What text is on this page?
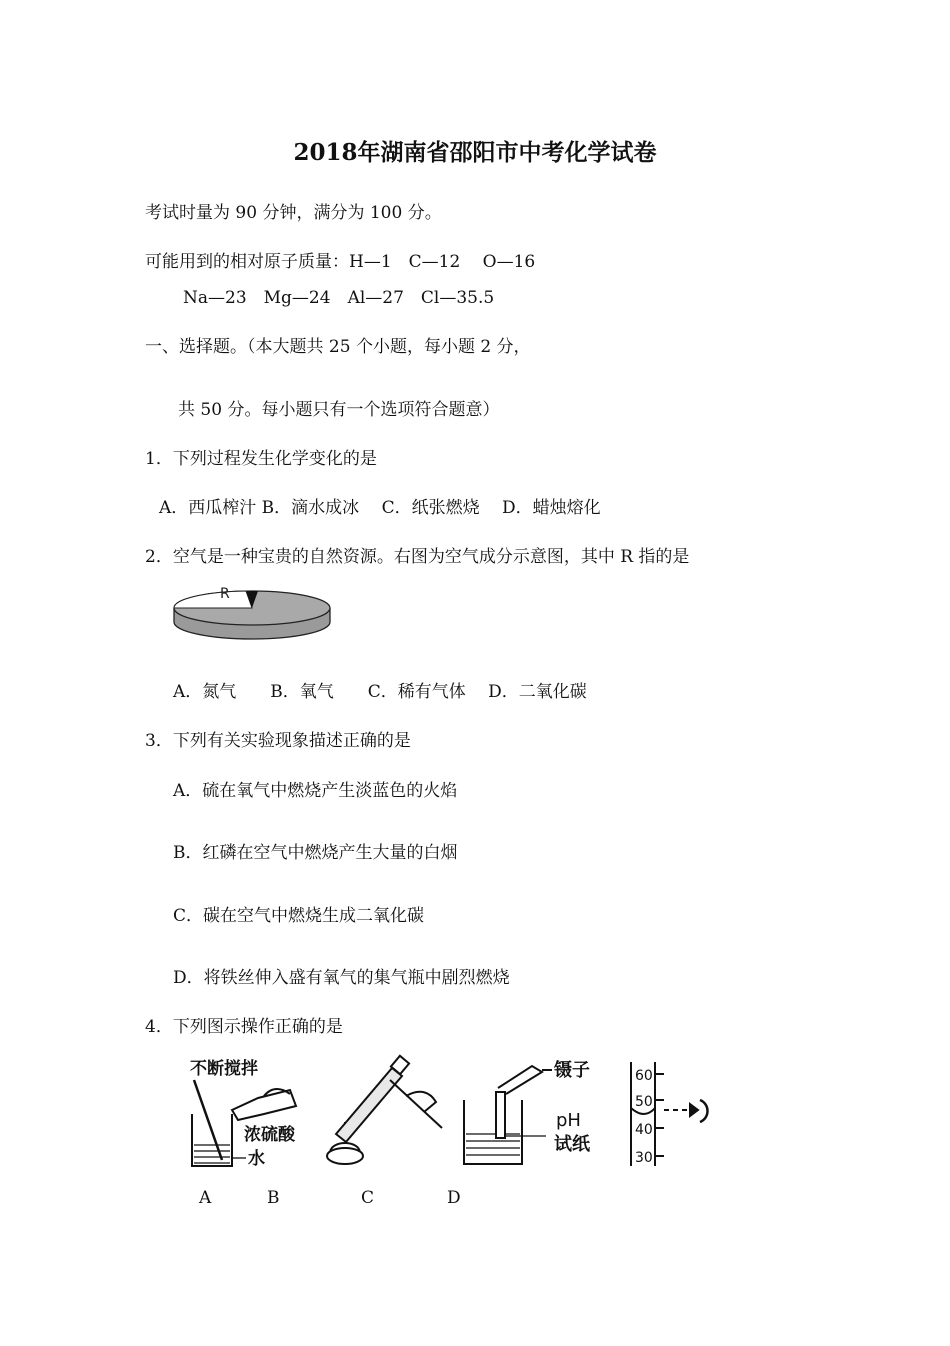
2018年湖南省邵阳市中考化学试卷
考试时量为 90 分钟，满分为 100 分。
可能用到的相对原子质量：H—1　C—12　 O—16
Na—23　Mg—24　Al—27　Cl—35.5
一、选择题。（本大题共 25 个小题，每小题 2 分，
共 50 分。每小题只有一个选项符合题意）
1．下列过程发生化学变化的是
A．西瓜榨汁 B．滴水成冰　 C．纸张燃烧　 D．蜡烛熔化
2．空气是一种宝贵的自然资源。右图为空气成分示意图，其中 R 指的是
R
A．氮气　　B．氧气　　C．稀有气体　 D．二氧化碳
3．下列有关实验现象描述正确的是
A．硫在氧气中燃烧产生淡蓝色的火焰
B．红磷在空气中燃烧产生大量的白烟
C．碳在空气中燃烧生成二氧化碳
D．将铁丝伸入盛有氧气的集气瓶中剧烈燃烧
4．下列图示操作正确的是
不断搅拌
浓硫酸
水
镊子
pH
试纸
60
50
40
30
A	B	C	D
